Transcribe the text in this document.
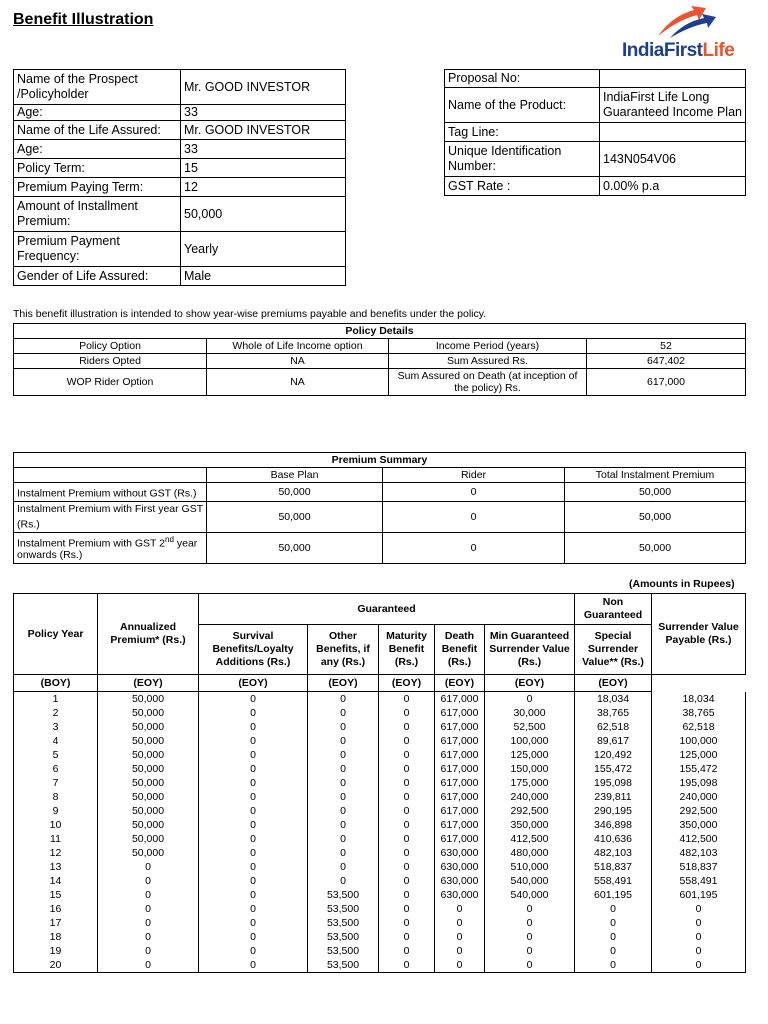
Benefit Illustration
IndiaFirstLife
Name of the Prospect /Policyholder	Mr. GOOD INVESTOR
Age:	33
Name of the Life Assured:	Mr. GOOD INVESTOR
Age:	33
Policy Term:	15
Premium Paying Term:	12
Amount of Installment Premium:	50,000
Premium Payment Frequency:	Yearly
Gender of Life Assured:	Male
Proposal No:	
Name of the Product:	IndiaFirst Life Long Guaranteed Income Plan
Tag Line:	
Unique Identification Number:	143N054V06
GST Rate :	0.00% p.a
This benefit illustration is intended to show year-wise premiums payable and benefits under the policy.
Policy Details			
Policy Option	Whole of Life Income option	Income Period (years)	52
Riders Opted	NA	Sum Assured Rs.	647,402
WOP Rider Option	NA	Sum Assured on Death (at inception of the policy) Rs.	617,000
Premium Summary			
	Base Plan	Rider	Total Instalment Premium
Instalment Premium without GST (Rs.)	50,000	0	50,000
Instalment Premium with First year GST (Rs.)	50,000	0	50,000
Instalment Premium with GST 2nd year onwards (Rs.)	50,000	0	50,000
(Amounts in Rupees)
Policy Year	Annualized Premium* (Rs.)	Guaranteed					Non Guaranteed	Surrender Value Payable (Rs.)
		Survival Benefits/Loyalty Additions (Rs.)	Other Benefits, if any (Rs.)	Maturity Benefit (Rs.)	Death Benefit (Rs.)	Min Guaranteed Surrender Value (Rs.)	Special Surrender Value** (Rs.)	
(BOY)	(EOY)	(EOY)	(EOY)	(EOY)	(EOY)	(EOY)	(EOY)	
1	50,000	0	0	0	617,000	0	18,034	18,034
2	50,000	0	0	0	617,000	30,000	38,765	38,765
3	50,000	0	0	0	617,000	52,500	62,518	62,518
4	50,000	0	0	0	617,000	100,000	89,617	100,000
5	50,000	0	0	0	617,000	125,000	120,492	125,000
6	50,000	0	0	0	617,000	150,000	155,472	155,472
7	50,000	0	0	0	617,000	175,000	195,098	195,098
8	50,000	0	0	0	617,000	240,000	239,811	240,000
9	50,000	0	0	0	617,000	292,500	290,195	292,500
10	50,000	0	0	0	617,000	350,000	346,898	350,000
11	50,000	0	0	0	617,000	412,500	410,636	412,500
12	50,000	0	0	0	630,000	480,000	482,103	482,103
13	0	0	0	0	630,000	510,000	518,837	518,837
14	0	0	0	0	630,000	540,000	558,491	558,491
15	0	0	53,500	0	630,000	540,000	601,195	601,195
16	0	0	53,500	0	0	0	0	0
17	0	0	53,500	0	0	0	0	0
18	0	0	53,500	0	0	0	0	0
19	0	0	53,500	0	0	0	0	0
20	0	0	53,500	0	0	0	0	0
